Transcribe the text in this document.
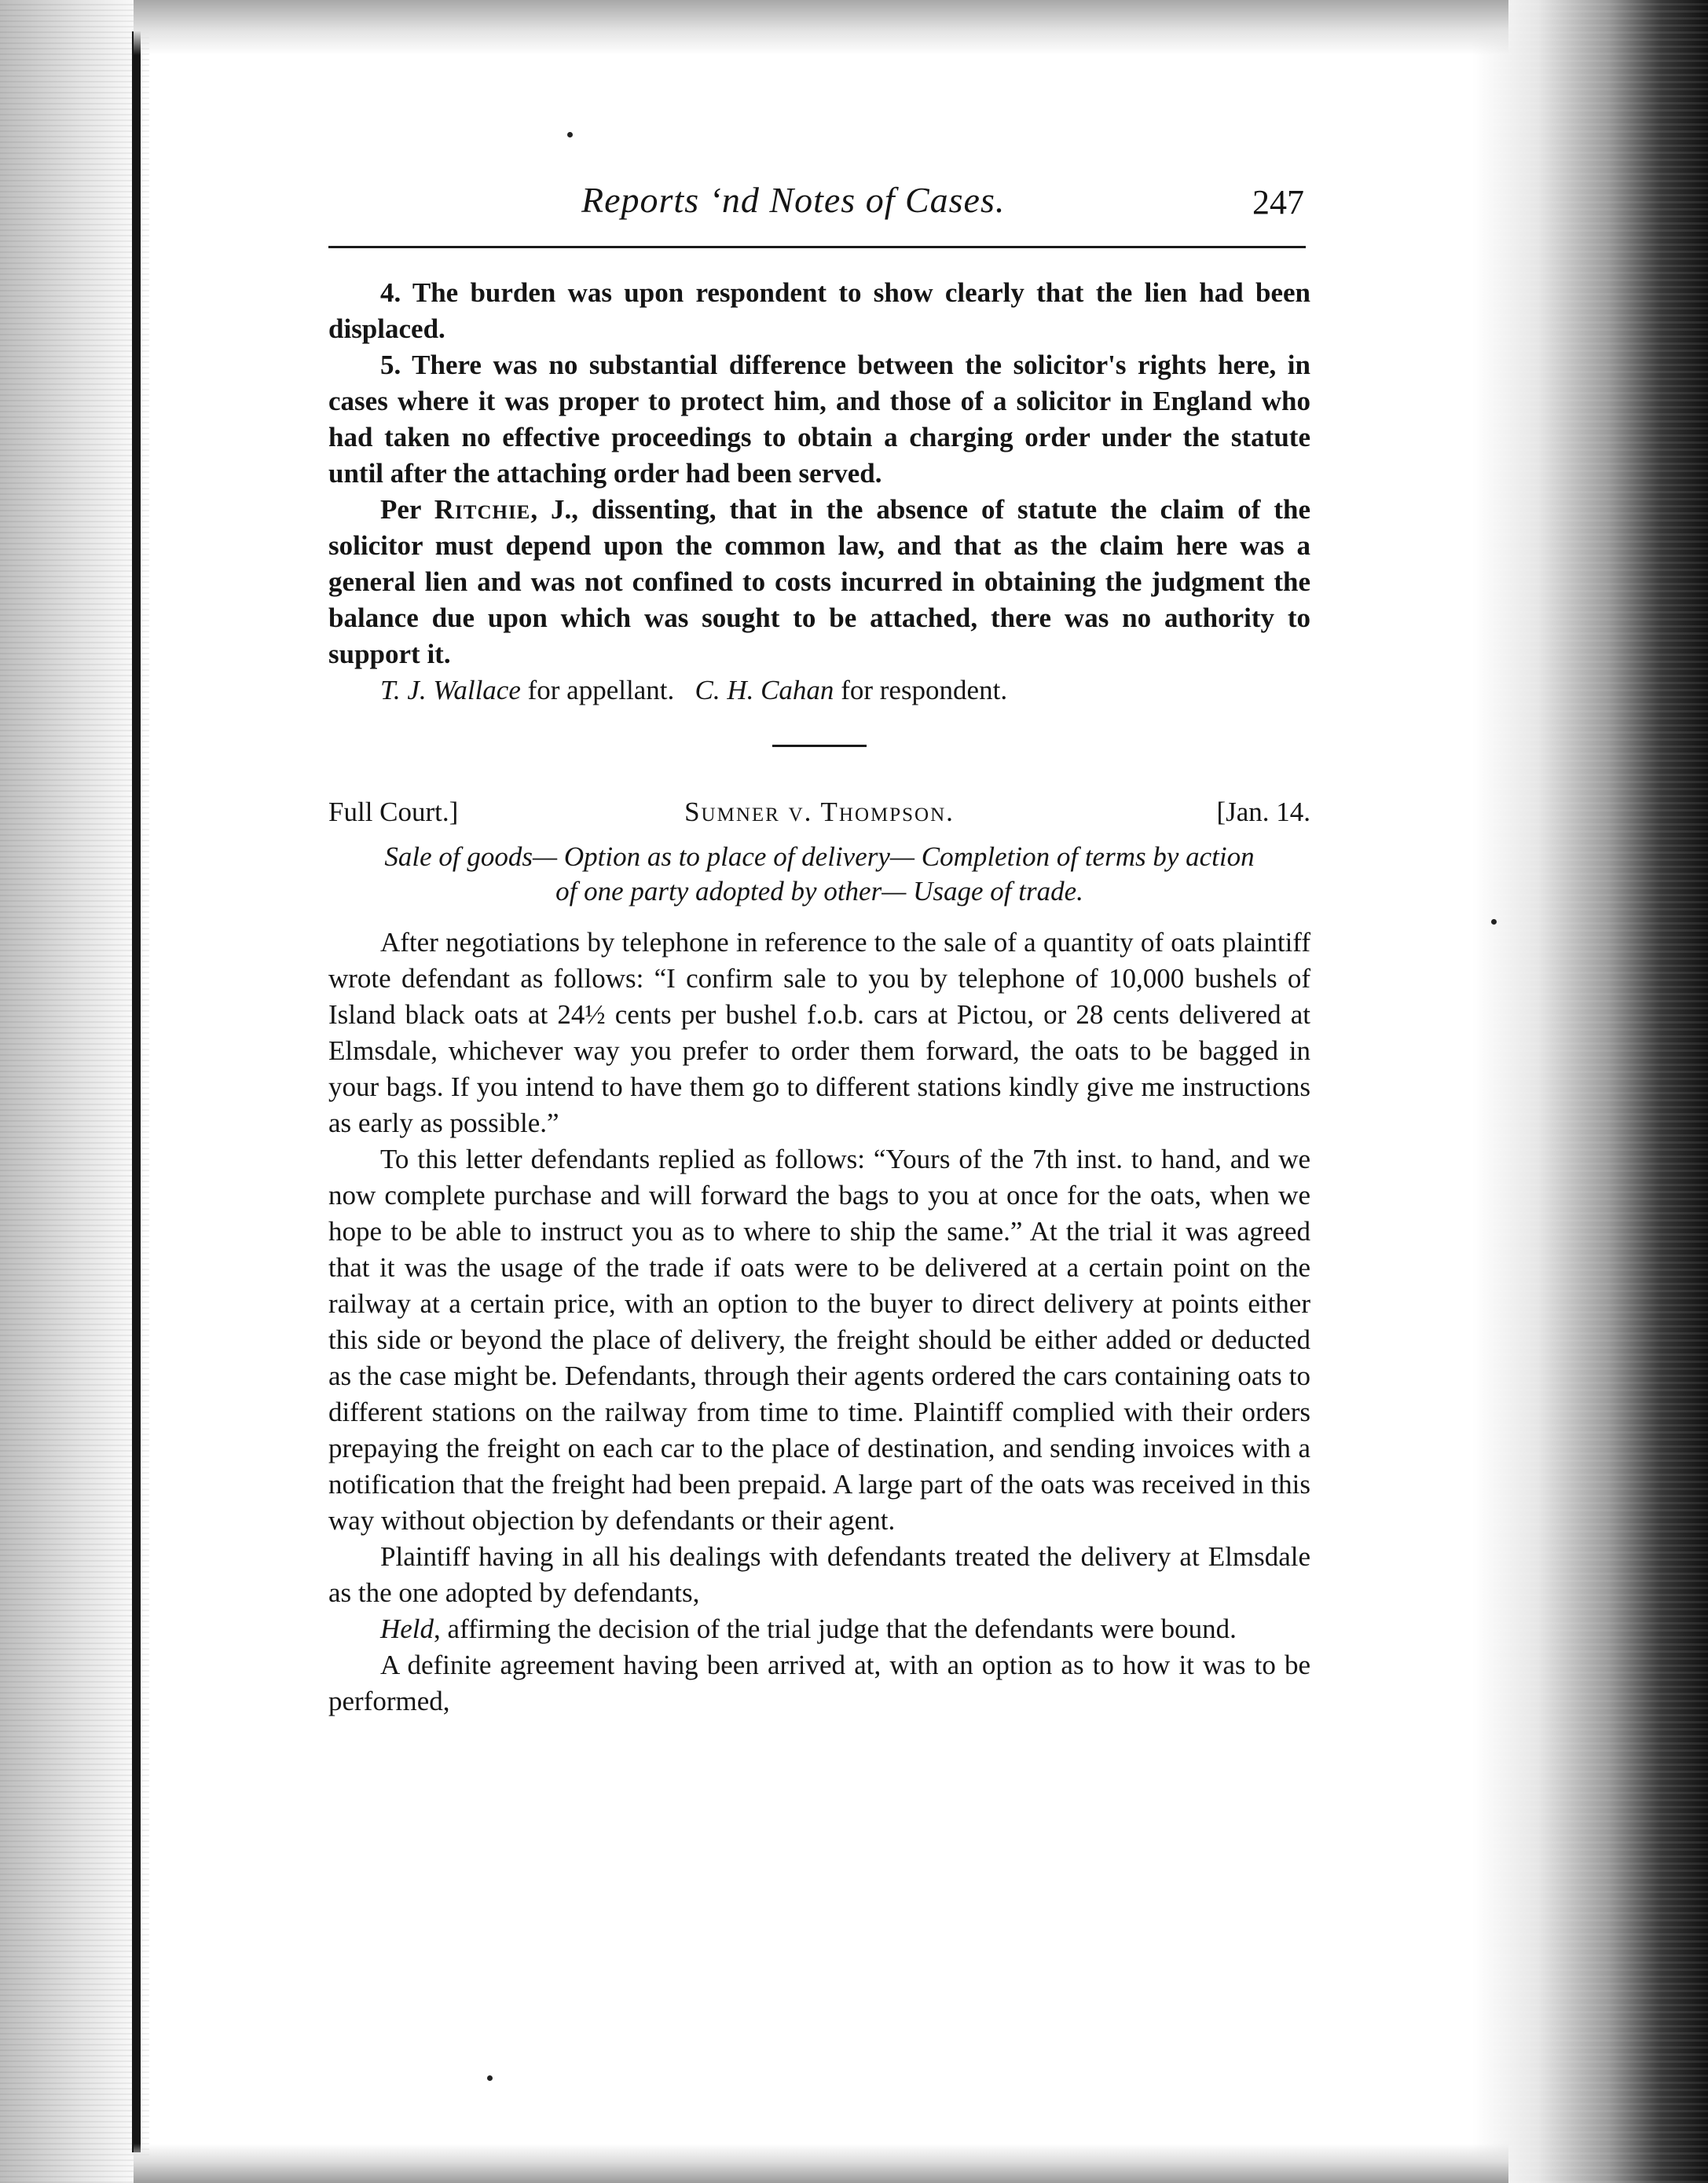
Reports ‘nd Notes of Cases.	247

4. The burden was upon respondent to show clearly that the lien had been displaced.

5. There was no substantial difference between the solicitor's rights here, in cases where it was proper to protect him, and those of a solicitor in England who had taken no effective proceedings to obtain a charging order under the statute until after the attaching order had been served.

Per Ritchie, J., dissenting, that in the absence of statute the claim of the solicitor must depend upon the common law, and that as the claim here was a general lien and was not confined to costs incurred in obtaining the judgment the balance due upon which was sought to be attached, there was no authority to support it.

T. J. Wallace for appellant. C. H. Cahan for respondent.

Full Court.]	Sumner v. Thompson.	[Jan. 14.
Sale of goods— Option as to place of delivery— Completion of terms by action
of one party adopted by other— Usage of trade.

After negotiations by telephone in reference to the sale of a quantity of oats plaintiff wrote defendant as follows: “I confirm sale to you by telephone of 10,000 bushels of Island black oats at 24½ cents per bushel f.o.b. cars at Pictou, or 28 cents delivered at Elmsdale, whichever way you prefer to order them forward, the oats to be bagged in your bags. If you intend to have them go to different stations kindly give me instructions as early as possible.”

To this letter defendants replied as follows: “Yours of the 7th inst. to hand, and we now complete purchase and will forward the bags to you at once for the oats, when we hope to be able to instruct you as to where to ship the same.” At the trial it was agreed that it was the usage of the trade if oats were to be delivered at a certain point on the railway at a certain price, with an option to the buyer to direct delivery at points either this side or beyond the place of delivery, the freight should be either added or deducted as the case might be. Defendants, through their agents ordered the cars containing oats to different stations on the railway from time to time. Plaintiff complied with their orders prepaying the freight on each car to the place of destination, and sending invoices with a notification that the freight had been prepaid. A large part of the oats was received in this way without objection by defendants or their agent.

Plaintiff having in all his dealings with defendants treated the delivery at Elmsdale as the one adopted by defendants,

Held, affirming the decision of the trial judge that the defendants were bound.

A definite agreement having been arrived at, with an option as to how it was to be performed,
